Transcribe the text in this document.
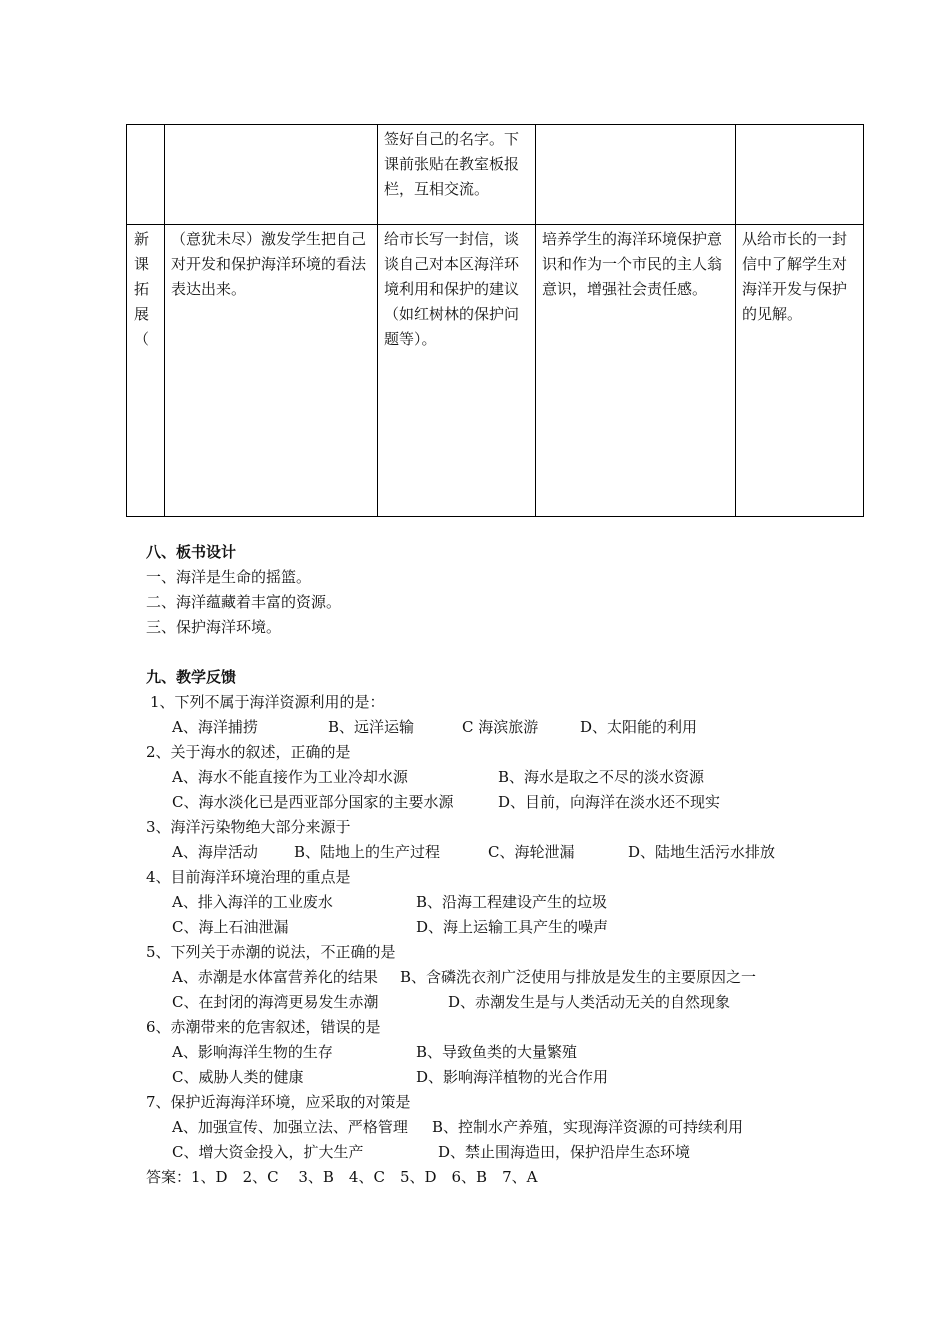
		签好自己的名字。下课前张贴在教室板报栏，互相交流。		
新课拓展（	（意犹未尽）激发学生把自己对开发和保护海洋环境的看法表达出来。	给市长写一封信，谈谈自己对本区海洋环境利用和保护的建议（如红树林的保护问题等）。	培养学生的海洋环境保护意识和作为一个市民的主人翁意识，增强社会责任感。	从给市长的一封信中了解学生对海洋开发与保护的见解。
八、板书设计
一、海洋是生命的摇篮。
二、海洋蕴藏着丰富的资源。
三、保护海洋环境。
九、教学反馈
1、下列不属于海洋资源利用的是：
A、海洋捕捞	B、远洋运输	C 海滨旅游	D、太阳能的利用
2、关于海水的叙述，正确的是
A、海水不能直接作为工业冷却水源	B、海水是取之不尽的淡水资源
C、海水淡化已是西亚部分国家的主要水源	D、目前，向海洋在淡水还不现实
3、海洋污染物绝大部分来源于
A、海岸活动	B、陆地上的生产过程	C、海轮泄漏	D、陆地生活污水排放
4、目前海洋环境治理的重点是
A、排入海洋的工业废水	B、沿海工程建设产生的垃圾
C、海上石油泄漏	D、海上运输工具产生的噪声
5、下列关于赤潮的说法，不正确的是
A、赤潮是水体富营养化的结果	B、含磷洗衣剂广泛使用与排放是发生的主要原因之一
C、在封闭的海湾更易发生赤潮	D、赤潮发生是与人类活动无关的自然现象
6、赤潮带来的危害叙述，错误的是
A、影响海洋生物的生存	B、导致鱼类的大量繁殖
C、威胁人类的健康	D、影响海洋植物的光合作用
7、保护近海海洋环境，应采取的对策是
A、加强宣传、加强立法、严格管理	B、控制水产养殖，实现海洋资源的可持续利用
C、增大资金投入，扩大生产	D、禁止围海造田，保护沿岸生态环境
答案：1、D　2、C　 3、B　4、C　5、D　6、B　7、A
